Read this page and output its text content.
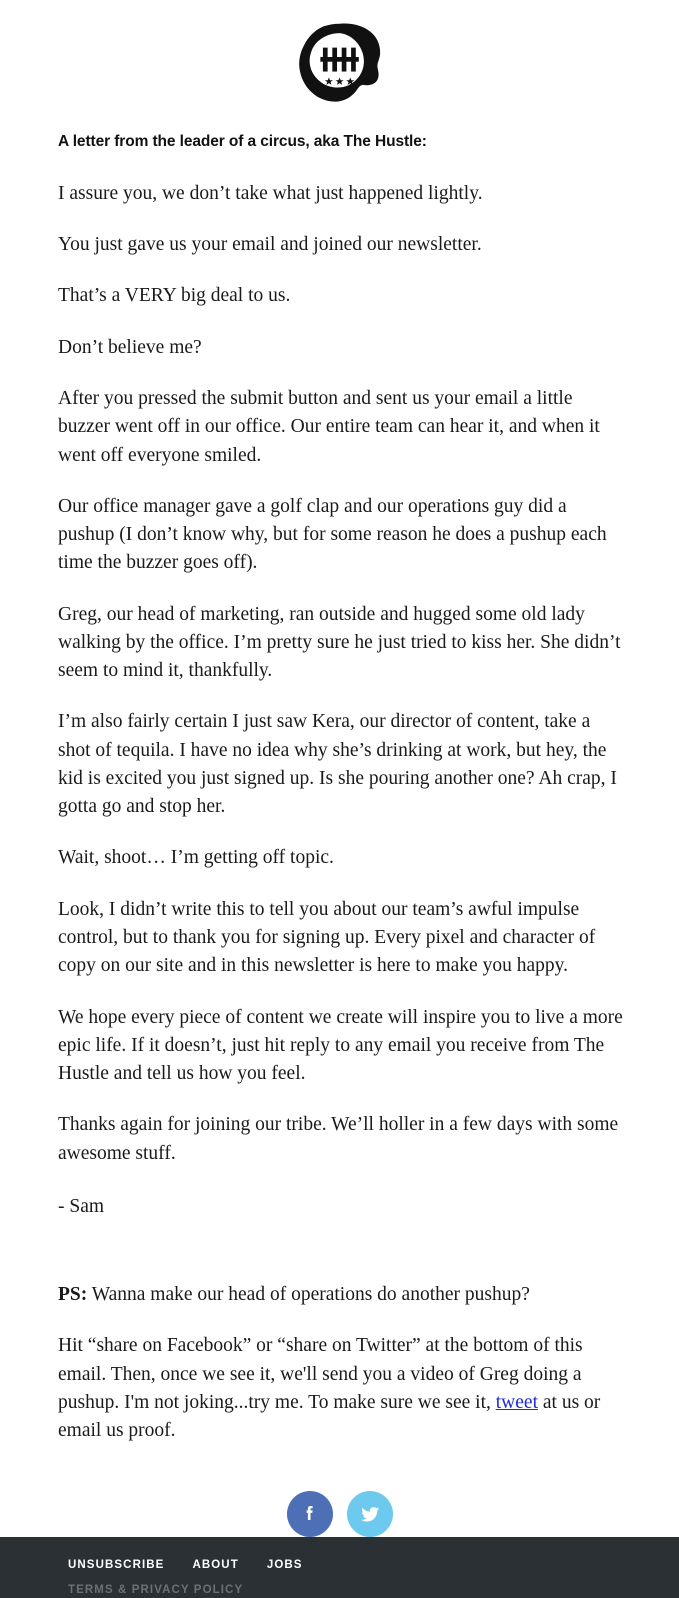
A letter from the leader of a circus, aka The Hustle:

I assure you, we don’t take what just happened lightly.

You just gave us your email and joined our newsletter.

That’s a VERY big deal to us.

Don’t believe me?

After you pressed the submit button and sent us your email a little buzzer went off in our office. Our entire team can hear it, and when it went off everyone smiled.

Our office manager gave a golf clap and our operations guy did a pushup (I don’t know why, but for some reason he does a pushup each time the buzzer goes off).

Greg, our head of marketing, ran outside and hugged some old lady walking by the office. I’m pretty sure he just tried to kiss her. She didn’t seem to mind it, thankfully.

I’m also fairly certain I just saw Kera, our director of content, take a shot of tequila. I have no idea why she’s drinking at work, but hey, the kid is excited you just signed up. Is she pouring another one? Ah crap, I gotta go and stop her.

Wait, shoot… I’m getting off topic.

Look, I didn’t write this to tell you about our team’s awful impulse control, but to thank you for signing up. Every pixel and character of copy on our site and in this newsletter is here to make you happy.

We hope every piece of content we create will inspire you to live a more epic life. If it doesn’t, just hit reply to any email you receive from The Hustle and tell us how you feel.

Thanks again for joining our tribe. We’ll holler in a few days with some awesome stuff.

- Sam

PS: Wanna make our head of operations do another pushup?

Hit “share on Facebook” or “share on Twitter” at the bottom of this email. Then, once we see it, we'll send you a video of Greg doing a pushup. I'm not joking...try me. To make sure we see it, tweet at us or email us proof.

UNSUBSCRIBE ABOUT JOBS
TERMS & PRIVACY POLICY
